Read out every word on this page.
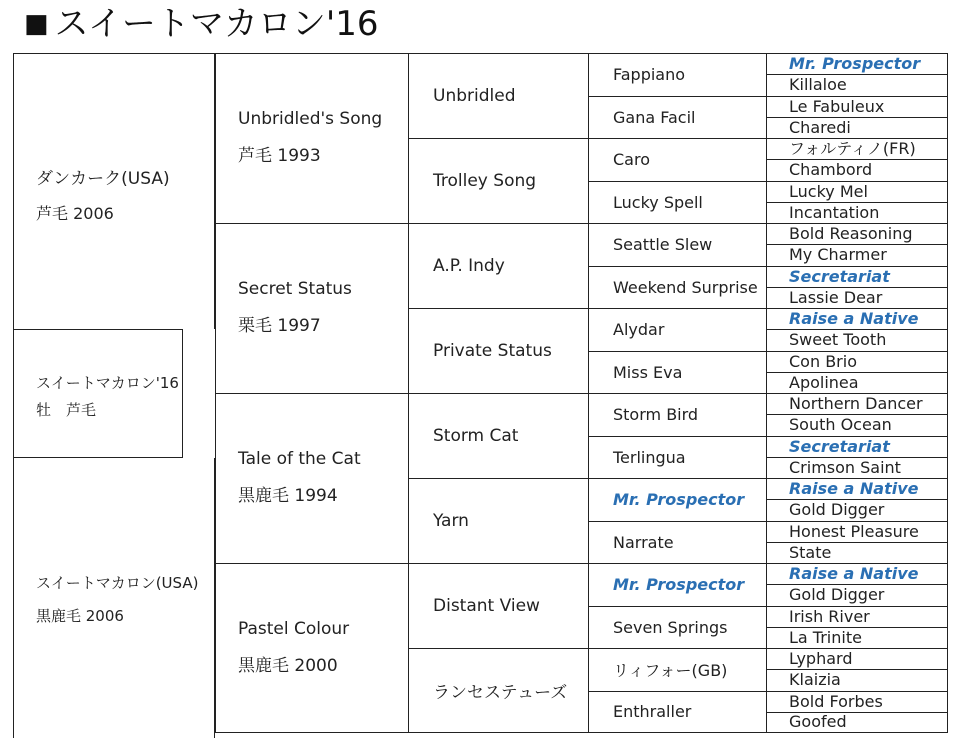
■ スイートマカロン'16
ダンカーク(USA)
芦毛 2006
スイートマカロン'16
牡　芦毛
スイートマカロン(USA)
黒鹿毛 2006
Unbridled's Song
芦毛 1993
Secret Status
栗毛 1997
Tale of the Cat
黒鹿毛 1994
Pastel Colour
黒鹿毛 2000
Unbridled
Trolley Song
A.P. Indy
Private Status
Storm Cat
Yarn
Distant View
ランセステューズ
Fappiano
Gana Facil
Caro
Lucky Spell
Seattle Slew
Weekend Surprise
Alydar
Miss Eva
Storm Bird
Terlingua
Mr. Prospector
Narrate
Mr. Prospector
Seven Springs
リィフォー(GB)
Enthraller
Mr. Prospector
Killaloe
Le Fabuleux
Charedi
フォルティノ(FR)
Chambord
Lucky Mel
Incantation
Bold Reasoning
My Charmer
Secretariat
Lassie Dear
Raise a Native
Sweet Tooth
Con Brio
Apolinea
Northern Dancer
South Ocean
Secretariat
Crimson Saint
Raise a Native
Gold Digger
Honest Pleasure
State
Raise a Native
Gold Digger
Irish River
La Trinite
Lyphard
Klaizia
Bold Forbes
Goofed
